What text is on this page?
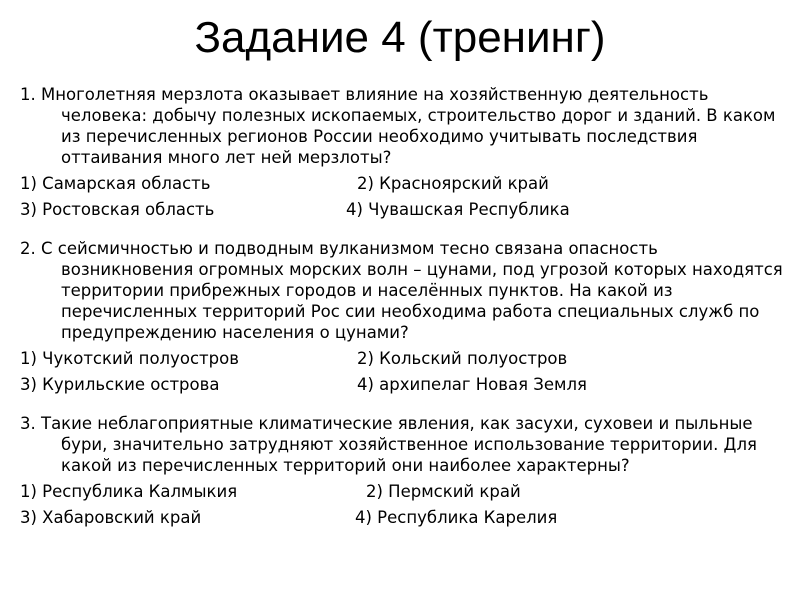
Задание 4 (тренинг)

1. Многолетняя мерзлота оказывает влияние на хозяйственную деятельность человека: добычу полезных ископаемых, строительство дорог и зданий. В каком из перечисленных регионов России необходимо учитывать последствия оттаивания много лет ней мерзлоты?

1) Самарская область	2) Красноярский край
3) Ростовская область	4) Чувашская Республика

2. С сейсмичностью и подводным вулканизмом тесно связана опасность возникновения огромных морских волн – цунами, под угрозой которых находятся территории прибрежных городов и населённых пунктов. На какой из перечисленных территорий Рос сии необходима работа специальных служб по предупреждению населения о цунами?

1) Чукотский полуостров	2) Кольский полуостров
3) Курильские острова	4) архипелаг Новая Земля

3. Такие неблагоприятные климатические явления, как засухи, суховеи и пыльные бури, значительно затрудняют хозяйственное использование территории. Для какой из перечисленных территорий они наиболее характерны?

1) Республика Калмыкия	2) Пермский край
3) Хабаровский край	4) Республика Карелия
